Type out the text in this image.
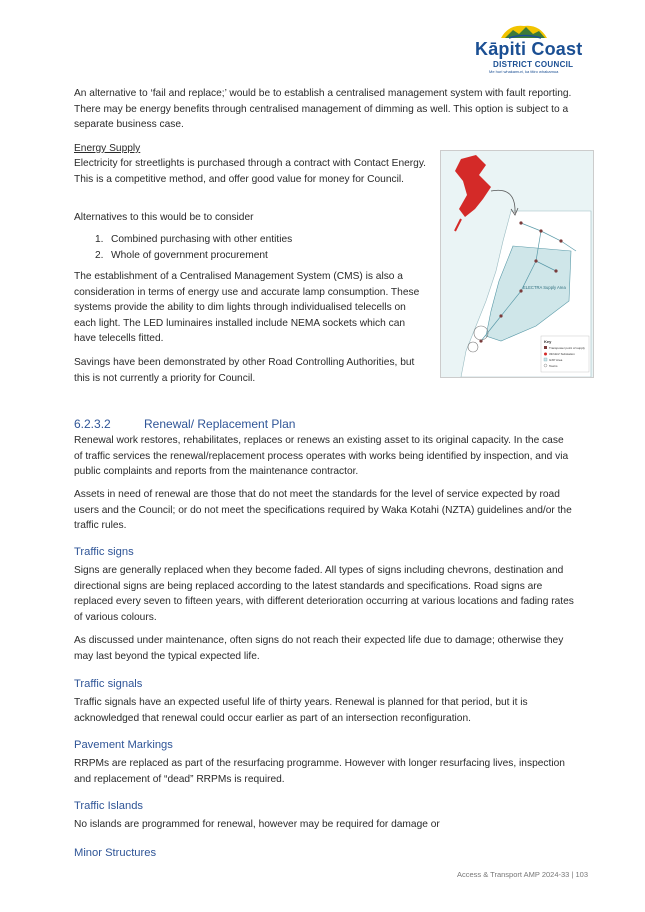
Kāpiti Coast
DISTRICT COUNCIL
Me huri whakamuri, ka titiro whakamua

An alternative to ‘fail and replace;’ would be to establish a centralised management system with fault reporting. There may be energy benefits through centralised management of dimming as well. This option is subject to a separate business case.

Energy Supply

Electricity for streetlights is purchased through a contract with Contact Energy. This is a competitive method, and offer good value for money for Council.

Alternatives to this would be to consider

1. Combined purchasing with other entities
2. Whole of government procurement

The establishment of a Centralised Management System (CMS) is also a consideration in terms of energy use and accurate lamp consumption. These systems provide the ability to dim lights through individualised telecells on each light. The LED luminaires installed include NEMA sockets which can have telecells fitted.

Savings have been demonstrated by other Road Controlling Authorities, but this is not currently a priority for Council.

ELECTRA Supply Area
Key
Transpower point of supply
33/11kV Substation
GXP Area
Towns
6.2.3.2	Renewal/ Replacement Plan

Renewal work restores, rehabilitates, replaces or renews an existing asset to its original capacity. In the case of traffic services the renewal/replacement process operates with works being identified by inspection, and via public complaints and reports from the maintenance contractor.

Assets in need of renewal are those that do not meet the standards for the level of service expected by road users and the Council; or do not meet the specifications required by Waka Kotahi (NZTA) guidelines and/or the traffic rules.

Traffic signs

Signs are generally replaced when they become faded. All types of signs including chevrons, destination and directional signs are being replaced according to the latest standards and specifications. Road signs are replaced every seven to fifteen years, with different deterioration occurring at various locations and fading rates of various colours.

As discussed under maintenance, often signs do not reach their expected life due to damage; otherwise they may last beyond the typical expected life.

Traffic signals

Traffic signals have an expected useful life of thirty years. Renewal is planned for that period, but it is acknowledged that renewal could occur earlier as part of an intersection reconfiguration.

Pavement Markings

RRPMs are replaced as part of the resurfacing programme. However with longer resurfacing lives, inspection and replacement of “dead” RRPMs is required.

Traffic Islands

No islands are programmed for renewal, however may be required for damage or

Minor Structures
Access & Transport AMP 2024-33 | 103
